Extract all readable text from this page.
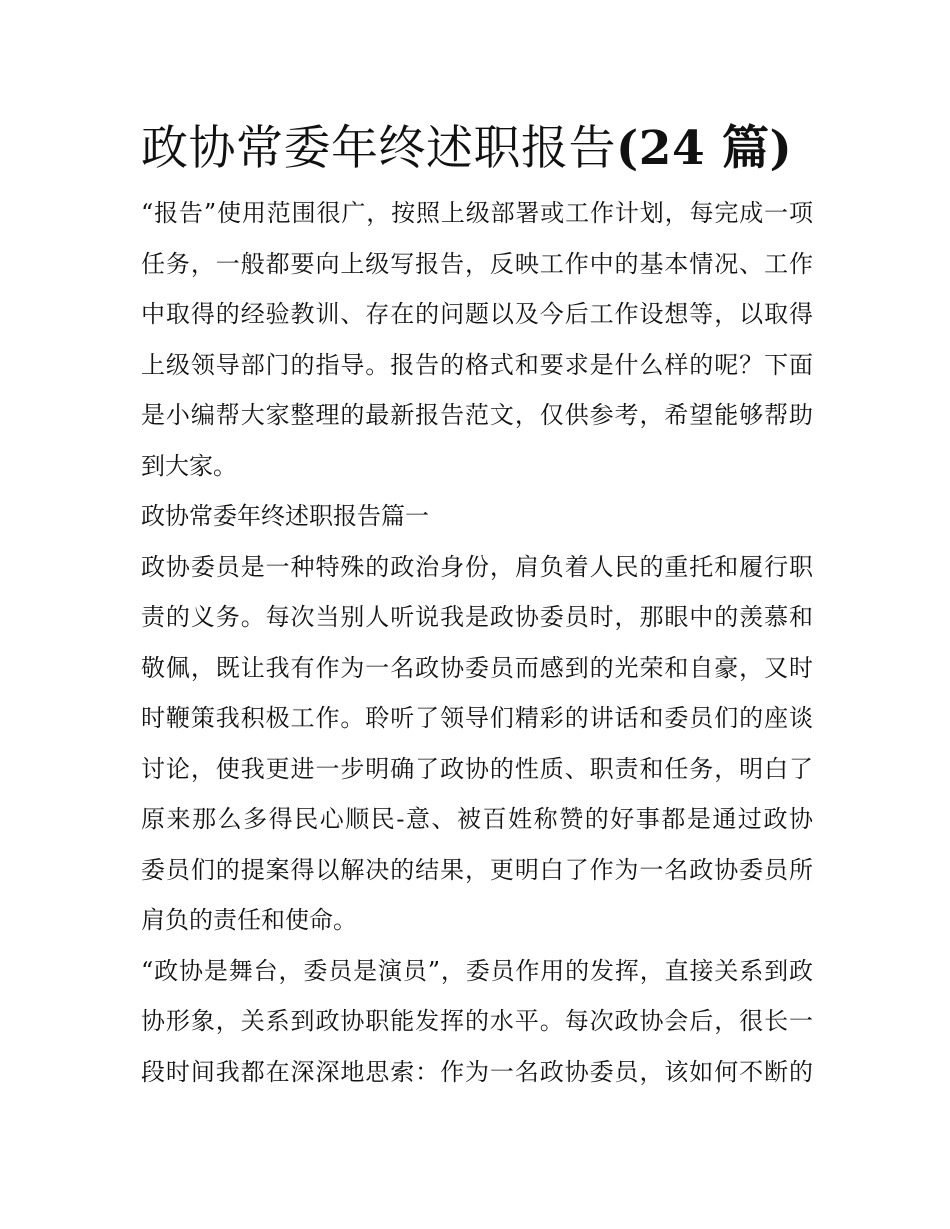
政协常委年终述职报告(24 篇)

“报告”使用范围很广，按照上级部署或工作计划，每完成一项
任务，一般都要向上级写报告，反映工作中的基本情况、工作
中取得的经验教训、存在的问题以及今后工作设想等，以取得
上级领导部门的指导。报告的格式和要求是什么样的呢？下面
是小编帮大家整理的最新报告范文，仅供参考，希望能够帮助
到大家。

政协常委年终述职报告篇一

政协委员是一种特殊的政治身份，肩负着人民的重托和履行职
责的义务。每次当别人听说我是政协委员时，那眼中的羡慕和
敬佩，既让我有作为一名政协委员而感到的光荣和自豪，又时
时鞭策我积极工作。聆听了领导们精彩的讲话和委员们的座谈
讨论，使我更进一步明确了政协的性质、职责和任务，明白了
原来那么多得民心顺民-意、被百姓称赞的好事都是通过政协
委员们的提案得以解决的结果，更明白了作为一名政协委员所
肩负的责任和使命。

“政协是舞台，委员是演员”，委员作用的发挥，直接关系到政
协形象，关系到政协职能发挥的水平。每次政协会后，很长一
段时间我都在深深地思索：作为一名政协委员，该如何不断的
